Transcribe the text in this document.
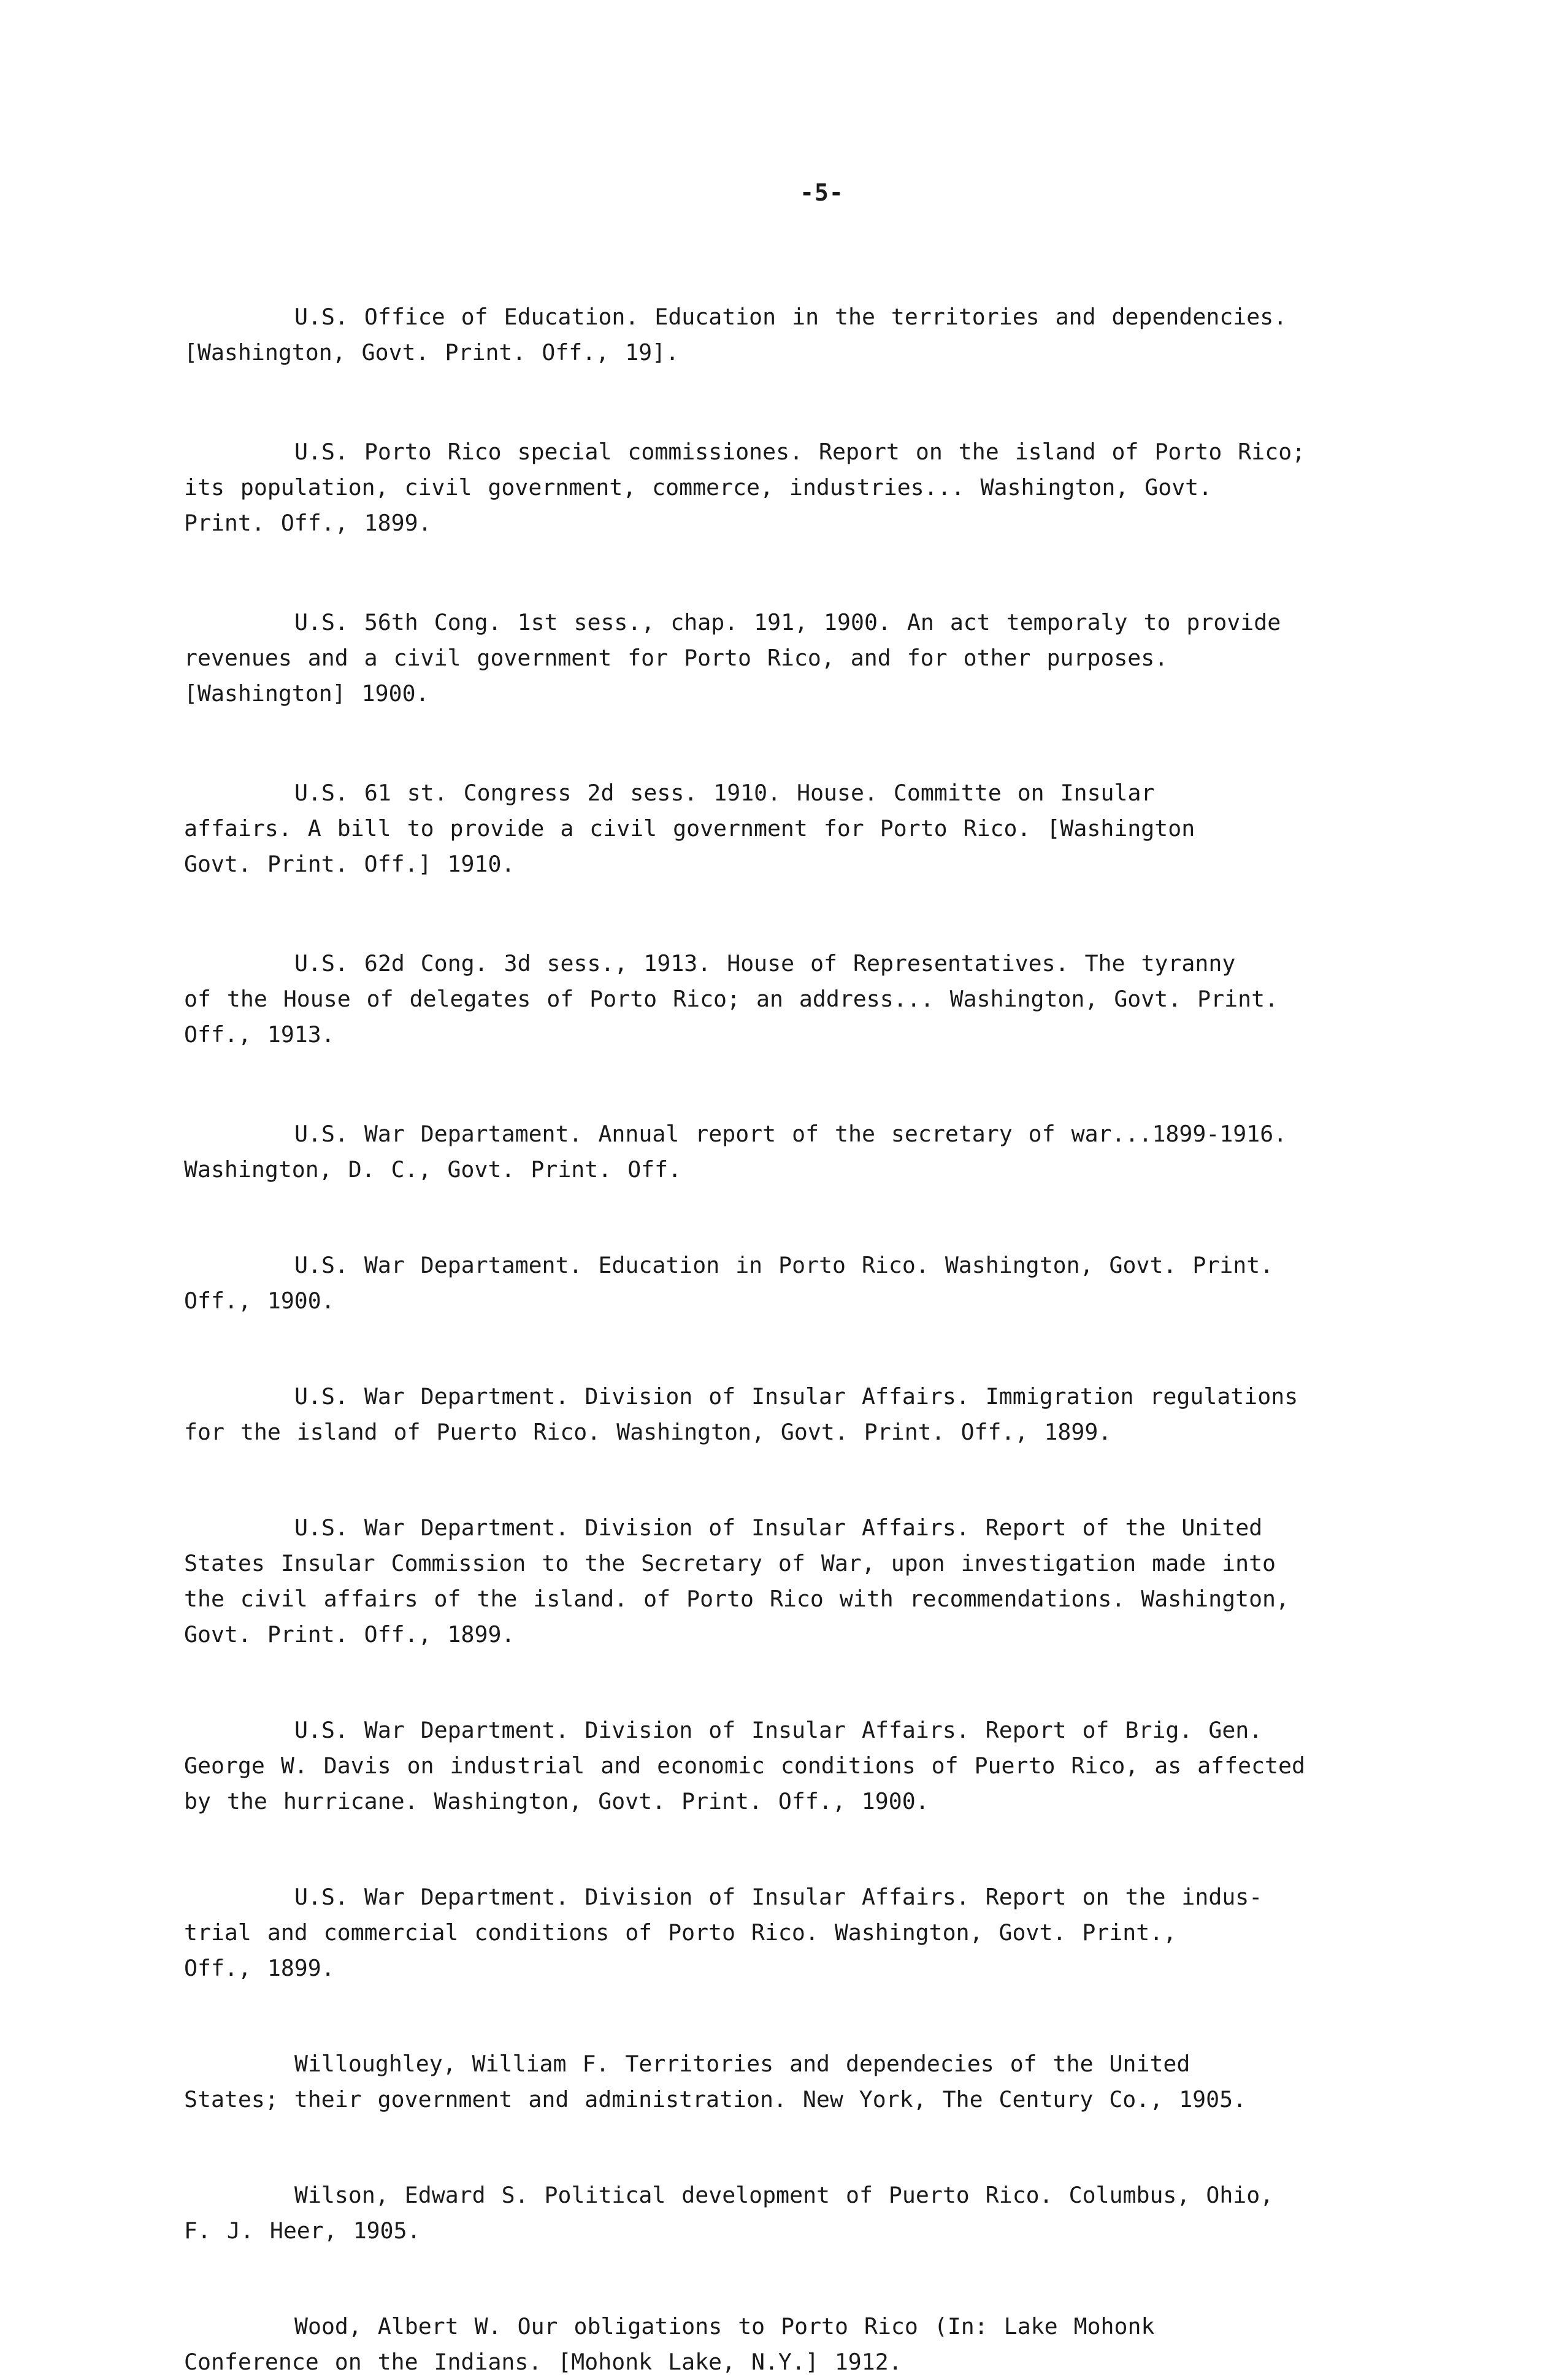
-5-

U.S. Office of Education. Education in the territories and dependencies.

[Washington, Govt. Print. Off., 19].

U.S. Porto Rico special commissiones. Report on the island of Porto Rico;

its population, civil government, commerce, industries... Washington, Govt.

Print. Off., 1899.

U.S. 56th Cong. 1st sess., chap. 191, 1900. An act temporaly to provide

revenues and a civil government for Porto Rico, and for other purposes.

[Washington] 1900.

U.S. 61 st. Congress 2d sess. 1910. House. Committe on Insular

affairs. A bill to provide a civil government for Porto Rico. [Washington

Govt. Print. Off.] 1910.

U.S. 62d Cong. 3d sess., 1913. House of Representatives. The tyranny

of the House of delegates of Porto Rico; an address... Washington, Govt. Print.

Off., 1913.

U.S. War Departament. Annual report of the secretary of war...1899-1916.

Washington, D. C., Govt. Print. Off.

U.S. War Departament. Education in Porto Rico. Washington, Govt. Print.

Off., 1900.

U.S. War Department. Division of Insular Affairs. Immigration regulations

for the island of Puerto Rico. Washington, Govt. Print. Off., 1899.

U.S. War Department. Division of Insular Affairs. Report of the United

States Insular Commission to the Secretary of War, upon investigation made into

the civil affairs of the island. of Porto Rico with recommendations. Washington,

Govt. Print. Off., 1899.

U.S. War Department. Division of Insular Affairs. Report of Brig. Gen.

George W. Davis on industrial and economic conditions of Puerto Rico, as affected

by the hurricane. Washington, Govt. Print. Off., 1900.

U.S. War Department. Division of Insular Affairs. Report on the indus-

trial and commercial conditions of Porto Rico. Washington, Govt. Print.,

Off., 1899.

Willoughley, William F. Territories and dependecies of the United

States; their government and administration. New York, The Century Co., 1905.

Wilson, Edward S. Political development of Puerto Rico. Columbus, Ohio,

F. J. Heer, 1905.

Wood, Albert W. Our obligations to Porto Rico (In: Lake Mohonk

Conference on the Indians. [Mohonk Lake, N.Y.] 1912.
